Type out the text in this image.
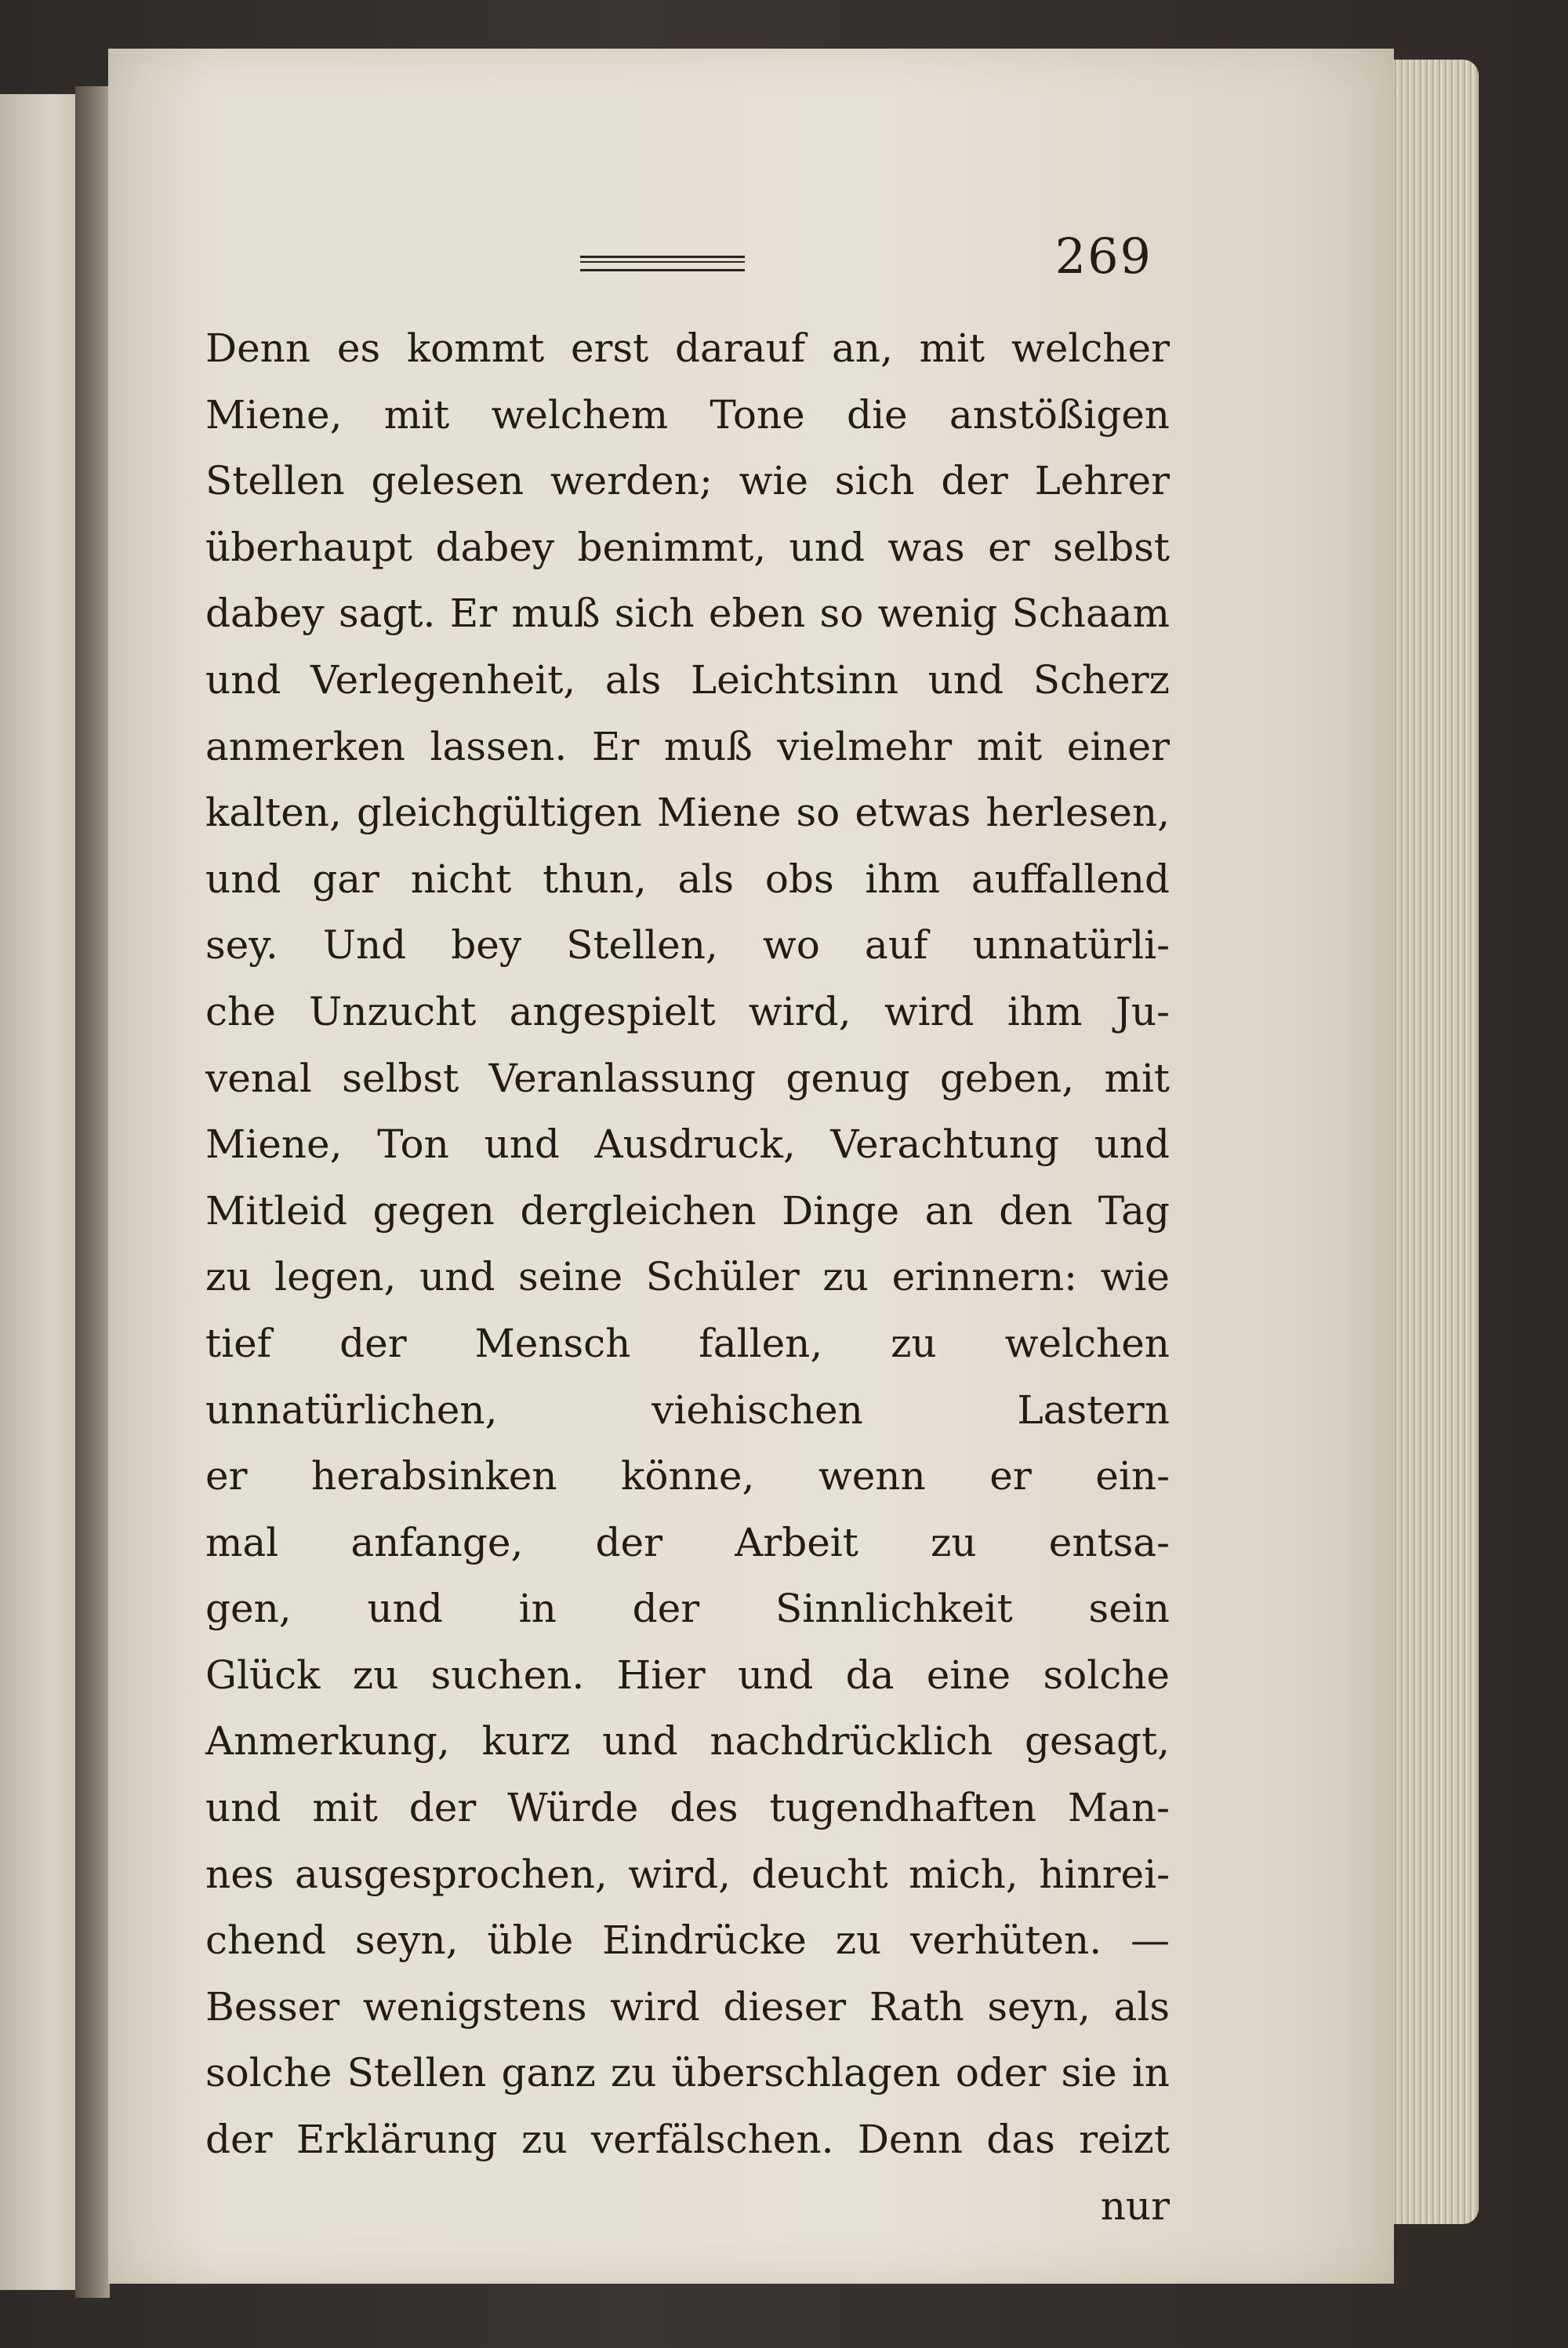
269
Denn es kommt erst darauf an, mit welcher
Miene, mit welchem Tone die anstößigen
Stellen gelesen werden; wie sich der Lehrer
überhaupt dabey benimmt, und was er selbst
dabey sagt. Er muß sich eben so wenig Schaam
und Verlegenheit, als Leichtsinn und Scherz
anmerken lassen. Er muß vielmehr mit einer
kalten, gleichgültigen Miene so etwas herlesen,
und gar nicht thun, als obs ihm auffallend
sey. Und bey Stellen, wo auf unnatürli-
che Unzucht angespielt wird, wird ihm Ju-
venal selbst Veranlassung genug geben, mit
Miene, Ton und Ausdruck, Verachtung und
Mitleid gegen dergleichen Dinge an den Tag
zu legen, und seine Schüler zu erinnern: wie
tief der Mensch fallen, zu welchen
unnatürlichen, viehischen Lastern
er herabsinken könne, wenn er ein-
mal anfange, der Arbeit zu entsa-
gen, und in der Sinnlichkeit sein
Glück zu suchen. Hier und da eine solche
Anmerkung, kurz und nachdrücklich gesagt,
und mit der Würde des tugendhaften Man-
nes ausgesprochen, wird, deucht mich, hinrei-
chend seyn, üble Eindrücke zu verhüten. —
Besser wenigstens wird dieser Rath seyn, als
solche Stellen ganz zu überschlagen oder sie in
der Erklärung zu verfälschen. Denn das reizt
nur
